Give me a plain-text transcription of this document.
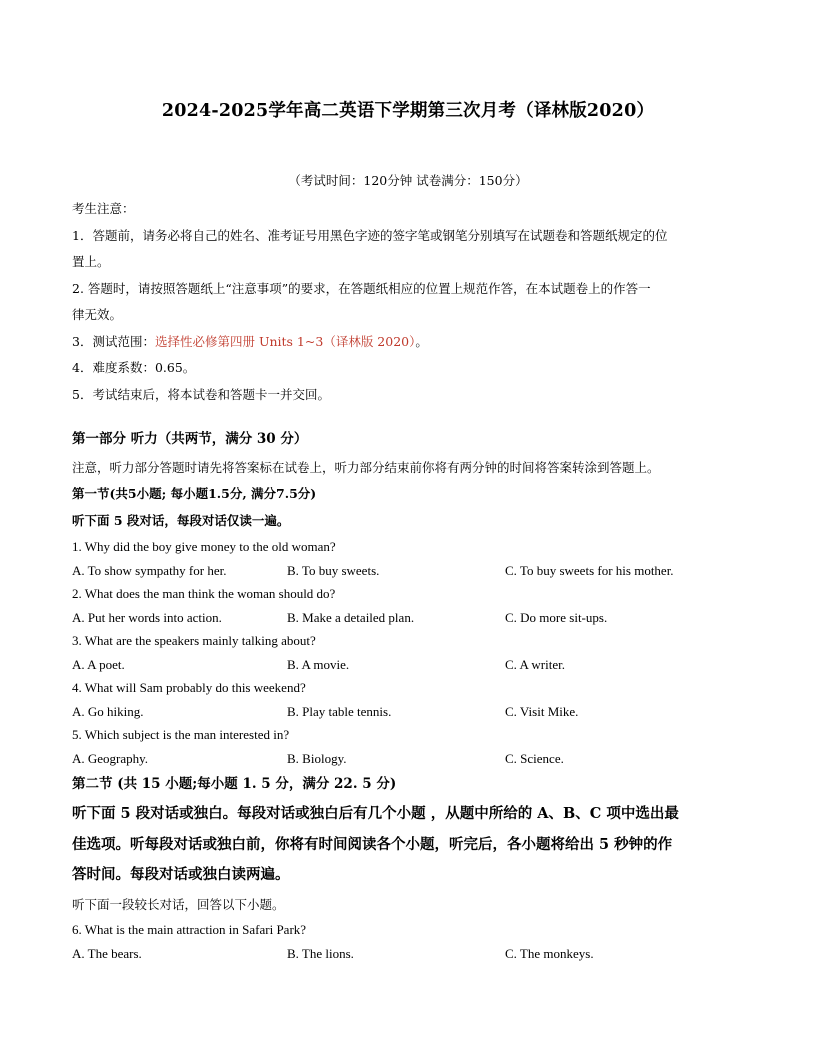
2024-2025学年高二英语下学期第三次月考（译林版2020）
（考试时间：120分钟 试卷满分：150分）
考生注意：
1．答题前，请务必将自己的姓名、准考证号用黑色字迹的签字笔或钢笔分别填写在试题卷和答题纸规定的位
置上。
2. 答题时，请按照答题纸上“注意事项”的要求，在答题纸相应的位置上规范作答，在本试题卷上的作答一
律无效。
3．测试范围：选择性必修第四册 Units 1~3（译林版 2020）。
4．难度系数：0.65。
5．考试结束后，将本试卷和答题卡一并交回。
第一部分 听力（共两节，满分 30 分）
注意，听力部分答题时请先将答案标在试卷上，听力部分结束前你将有两分钟的时间将答案转涂到答题上。
第一节(共5小题; 每小题1.5分, 满分7.5分)
听下面 5 段对话，每段对话仅读一遍。
1. Why did the boy give money to the old woman?
A. To show sympathy for her.	B. To buy sweets.	C. To buy sweets for his mother.
2. What does the man think the woman should do?
A. Put her words into action.	B. Make a detailed plan.	C. Do more sit-ups.
3. What are the speakers mainly talking about?
A. A poet.	B. A movie.	C. A writer.
4. What will Sam probably do this weekend?
A. Go hiking.	B. Play table tennis.	C. Visit Mike.
5. Which subject is the man interested in?
A. Geography.	B. Biology.	C. Science.
第二节 (共 15 小题;每小题 1. 5 分，满分 22. 5 分)
听下面 5 段对话或独白。每段对话或独白后有几个小题 ，从题中所给的 A、B、C 项中选出最
佳选项。听每段对话或独白前，你将有时间阅读各个小题，听完后，各小题将给出 5 秒钟的作
答时间。每段对话或独白读两遍。
听下面一段较长对话，回答以下小题。
6. What is the main attraction in Safari Park?
A. The bears.	B. The lions.	C. The monkeys.
